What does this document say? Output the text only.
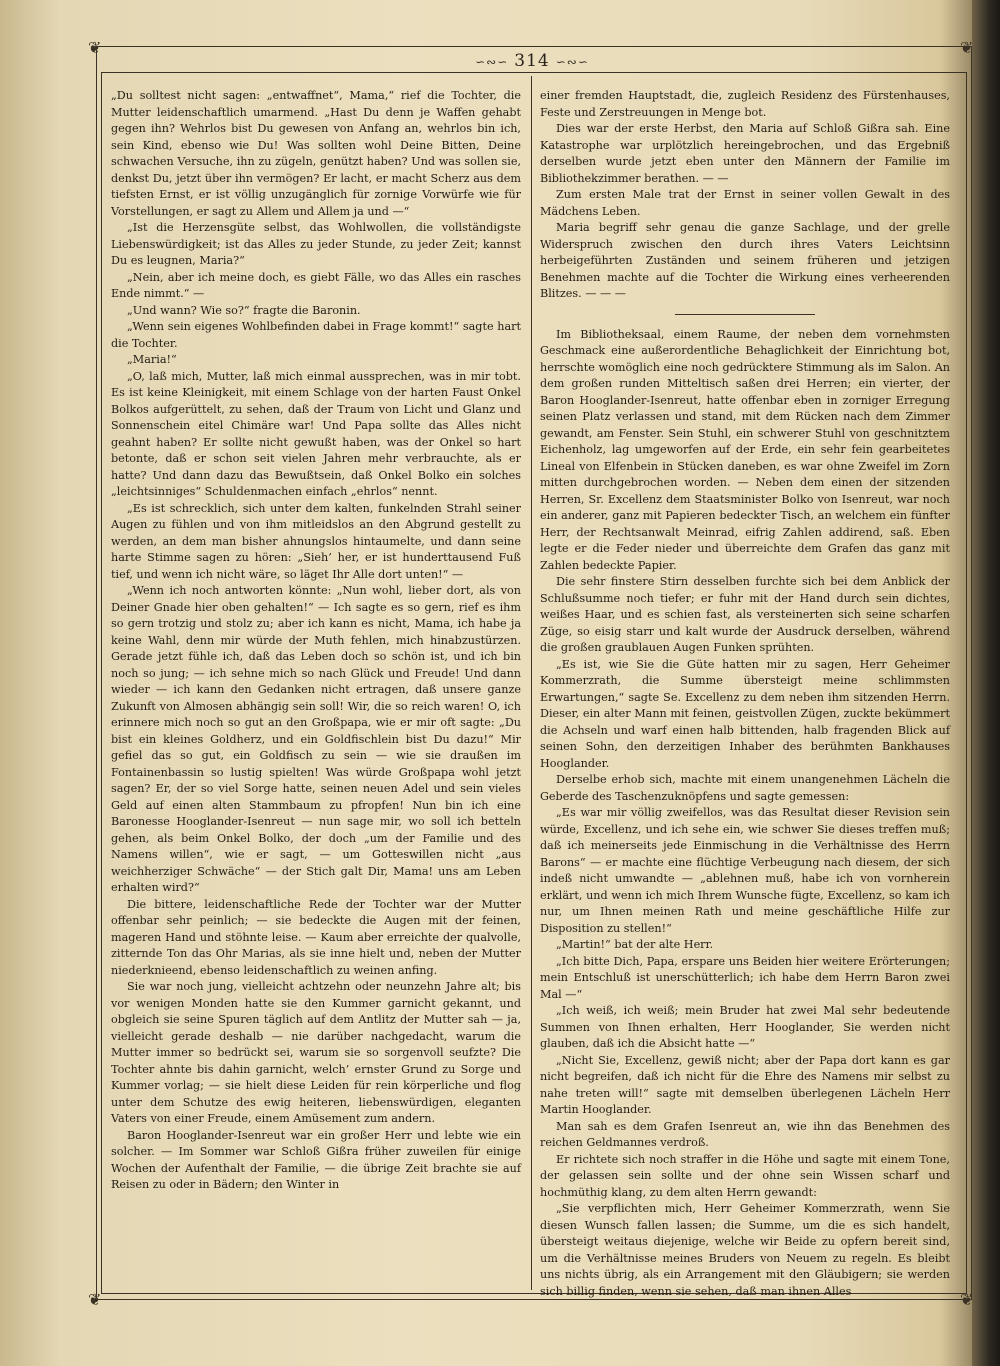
❦	❦
❦	❦
∽∾∽ 314 ∽∾∽

„Du solltest nicht sagen: „entwaffnet“, Mama,“ rief die Tochter, die Mutter leidenschaftlich umarmend. „Hast Du denn je Waffen gehabt gegen ihn? Wehrlos bist Du gewesen von Anfang an, wehrlos bin ich, sein Kind, ebenso wie Du! Was sollten wohl Deine Bitten, Deine schwachen Versuche, ihn zu zügeln, genützt haben? Und was sollen sie, denkst Du, jetzt über ihn vermögen? Er lacht, er macht Scherz aus dem tiefsten Ernst, er ist völlig unzugänglich für zornige Vorwürfe wie für Vorstellungen, er sagt zu Allem und Allem ja und —“

„Ist die Herzensgüte selbst, das Wohlwollen, die vollständigste Liebenswürdigkeit; ist das Alles zu jeder Stunde, zu jeder Zeit; kannst Du es leugnen, Maria?“

„Nein, aber ich meine doch, es giebt Fälle, wo das Alles ein rasches Ende nimmt.“ —

„Und wann? Wie so?“ fragte die Baronin.

„Wenn sein eigenes Wohlbefinden dabei in Frage kommt!“ sagte hart die Tochter.

„Maria!“

„O, laß mich, Mutter, laß mich einmal aussprechen, was in mir tobt. Es ist keine Kleinigkeit, mit einem Schlage von der harten Faust Onkel Bolkos aufgerüttelt, zu sehen, daß der Traum von Licht und Glanz und Sonnenschein eitel Chimäre war! Und Papa sollte das Alles nicht geahnt haben? Er sollte nicht gewußt haben, was der Onkel so hart betonte, daß er schon seit vielen Jahren mehr verbrauchte, als er hatte? Und dann dazu das Bewußtsein, daß Onkel Bolko ein solches „leichtsinniges“ Schuldenmachen einfach „ehrlos“ nennt.

„Es ist schrecklich, sich unter dem kalten, funkelnden Strahl seiner Augen zu fühlen und von ihm mitleidslos an den Abgrund gestellt zu werden, an dem man bisher ahnungslos hintaumelte, und dann seine harte Stimme sagen zu hören: „Sieh’ her, er ist hunderttausend Fuß tief, und wenn ich nicht wäre, so läget Ihr Alle dort unten!“ —

„Wenn ich noch antworten könnte: „Nun wohl, lieber dort, als von Deiner Gnade hier oben gehalten!“ — Ich sagte es so gern, rief es ihm so gern trotzig und stolz zu; aber ich kann es nicht, Mama, ich habe ja keine Wahl, denn mir würde der Muth fehlen, mich hinabzustürzen. Gerade jetzt fühle ich, daß das Leben doch so schön ist, und ich bin noch so jung; — ich sehne mich so nach Glück und Freude! Und dann wieder — ich kann den Gedanken nicht ertragen, daß unsere ganze Zukunft von Almosen abhängig sein soll! Wir, die so reich waren! O, ich erinnere mich noch so gut an den Großpapa, wie er mir oft sagte: „Du bist ein kleines Goldherz, und ein Goldfischlein bist Du dazu!“ Mir gefiel das so gut, ein Goldfisch zu sein — wie sie draußen im Fontainenbassin so lustig spielten! Was würde Großpapa wohl jetzt sagen? Er, der so viel Sorge hatte, seinen neuen Adel und sein vieles Geld auf einen alten Stammbaum zu pfropfen! Nun bin ich eine Baronesse Hooglander-Isenreut — nun sage mir, wo soll ich betteln gehen, als beim Onkel Bolko, der doch „um der Familie und des Namens willen“, wie er sagt, — um Gotteswillen nicht „aus weichherziger Schwäche“ — der Stich galt Dir, Mama! uns am Leben erhalten wird?“

Die bittere, leidenschaftliche Rede der Tochter war der Mutter offenbar sehr peinlich; — sie bedeckte die Augen mit der feinen, mageren Hand und stöhnte leise. — Kaum aber erreichte der qualvolle, zitternde Ton das Ohr Marias, als sie inne hielt und, neben der Mutter niederknieend, ebenso leidenschaftlich zu weinen anfing.

Sie war noch jung, vielleicht achtzehn oder neunzehn Jahre alt; bis vor wenigen Monden hatte sie den Kummer garnicht gekannt, und obgleich sie seine Spuren täglich auf dem Antlitz der Mutter sah — ja, vielleicht gerade deshalb — nie darüber nachgedacht, warum die Mutter immer so bedrückt sei, warum sie so sorgenvoll seufzte? Die Tochter ahnte bis dahin garnicht, welch’ ernster Grund zu Sorge und Kummer vorlag; — sie hielt diese Leiden für rein körperliche und flog unter dem Schutze des ewig heiteren, liebenswürdigen, eleganten Vaters von einer Freude, einem Amüsement zum andern.

Baron Hooglander-Isenreut war ein großer Herr und lebte wie ein solcher. — Im Sommer war Schloß Gißra früher zuweilen für einige Wochen der Aufenthalt der Familie, — die übrige Zeit brachte sie auf Reisen zu oder in Bädern; den Winter in

einer fremden Hauptstadt, die, zugleich Residenz des Fürstenhauses, Feste und Zerstreuungen in Menge bot.

Dies war der erste Herbst, den Maria auf Schloß Gißra sah. Eine Katastrophe war urplötzlich hereingebrochen, und das Ergebniß derselben wurde jetzt eben unter den Männern der Familie im Bibliothekzimmer berathen. — —

Zum ersten Male trat der Ernst in seiner vollen Gewalt in des Mädchens Leben.

Maria begriff sehr genau die ganze Sachlage, und der grelle Widerspruch zwischen den durch ihres Vaters Leichtsinn herbeigeführten Zuständen und seinem früheren und jetzigen Benehmen machte auf die Tochter die Wirkung eines verheerenden Blitzes. — — —

Im Bibliotheksaal, einem Raume, der neben dem vornehmsten Geschmack eine außerordentliche Behaglichkeit der Einrichtung bot, herrschte womöglich eine noch gedrücktere Stimmung als im Salon. An dem großen runden Mitteltisch saßen drei Herren; ein vierter, der Baron Hooglander-Isenreut, hatte offenbar eben in zorniger Erregung seinen Platz verlassen und stand, mit dem Rücken nach dem Zimmer gewandt, am Fenster. Sein Stuhl, ein schwerer Stuhl von geschnitztem Eichenholz, lag umgeworfen auf der Erde, ein sehr fein gearbeitetes Lineal von Elfenbein in Stücken daneben, es war ohne Zweifel im Zorn mitten durchgebrochen worden. — Neben dem einen der sitzenden Herren, Sr. Excellenz dem Staatsminister Bolko von Isenreut, war noch ein anderer, ganz mit Papieren bedeckter Tisch, an welchem ein fünfter Herr, der Rechtsanwalt Meinrad, eifrig Zahlen addirend, saß. Eben legte er die Feder nieder und überreichte dem Grafen das ganz mit Zahlen bedeckte Papier.

Die sehr finstere Stirn desselben furchte sich bei dem Anblick der Schlußsumme noch tiefer; er fuhr mit der Hand durch sein dichtes, weißes Haar, und es schien fast, als versteinerten sich seine scharfen Züge, so eisig starr und kalt wurde der Ausdruck derselben, während die großen graublauen Augen Funken sprühten.

„Es ist, wie Sie die Güte hatten mir zu sagen, Herr Geheimer Kommerzrath, die Summe übersteigt meine schlimmsten Erwartungen,“ sagte Se. Excellenz zu dem neben ihm sitzenden Herrn. Dieser, ein alter Mann mit feinen, geistvollen Zügen, zuckte bekümmert die Achseln und warf einen halb bittenden, halb fragenden Blick auf seinen Sohn, den derzeitigen Inhaber des berühmten Bankhauses Hooglander.

Derselbe erhob sich, machte mit einem unangenehmen Lächeln die Geberde des Taschenzuknöpfens und sagte gemessen:

„Es war mir völlig zweifellos, was das Resultat dieser Revision sein würde, Excellenz, und ich sehe ein, wie schwer Sie dieses treffen muß; daß ich meinerseits jede Einmischung in die Verhältnisse des Herrn Barons“ — er machte eine flüchtige Verbeugung nach diesem, der sich indeß nicht umwandte — „ablehnen muß, habe ich von vornherein erklärt, und wenn ich mich Ihrem Wunsche fügte, Excellenz, so kam ich nur, um Ihnen meinen Rath und meine geschäftliche Hilfe zur Disposition zu stellen!“

„Martin!“ bat der alte Herr.

„Ich bitte Dich, Papa, erspare uns Beiden hier weitere Erörterungen; mein Entschluß ist unerschütterlich; ich habe dem Herrn Baron zwei Mal —“

„Ich weiß, ich weiß; mein Bruder hat zwei Mal sehr bedeutende Summen von Ihnen erhalten, Herr Hooglander, Sie werden nicht glauben, daß ich die Absicht hatte —“

„Nicht Sie, Excellenz, gewiß nicht; aber der Papa dort kann es gar nicht begreifen, daß ich nicht für die Ehre des Namens mir selbst zu nahe treten will!“ sagte mit demselben überlegenen Lächeln Herr Martin Hooglander.

Man sah es dem Grafen Isenreut an, wie ihn das Benehmen des reichen Geldmannes verdroß.

Er richtete sich noch straffer in die Höhe und sagte mit einem Tone, der gelassen sein sollte und der ohne sein Wissen scharf und hochmüthig klang, zu dem alten Herrn gewandt:

„Sie verpflichten mich, Herr Geheimer Kommerzrath, wenn Sie diesen Wunsch fallen lassen; die Summe, um die es sich handelt, übersteigt weitaus diejenige, welche wir Beide zu opfern bereit sind, um die Verhältnisse meines Bruders von Neuem zu regeln. Es bleibt uns nichts übrig, als ein Arrangement mit den Gläubigern; sie werden sich billig finden, wenn sie sehen, daß man ihnen Alles
